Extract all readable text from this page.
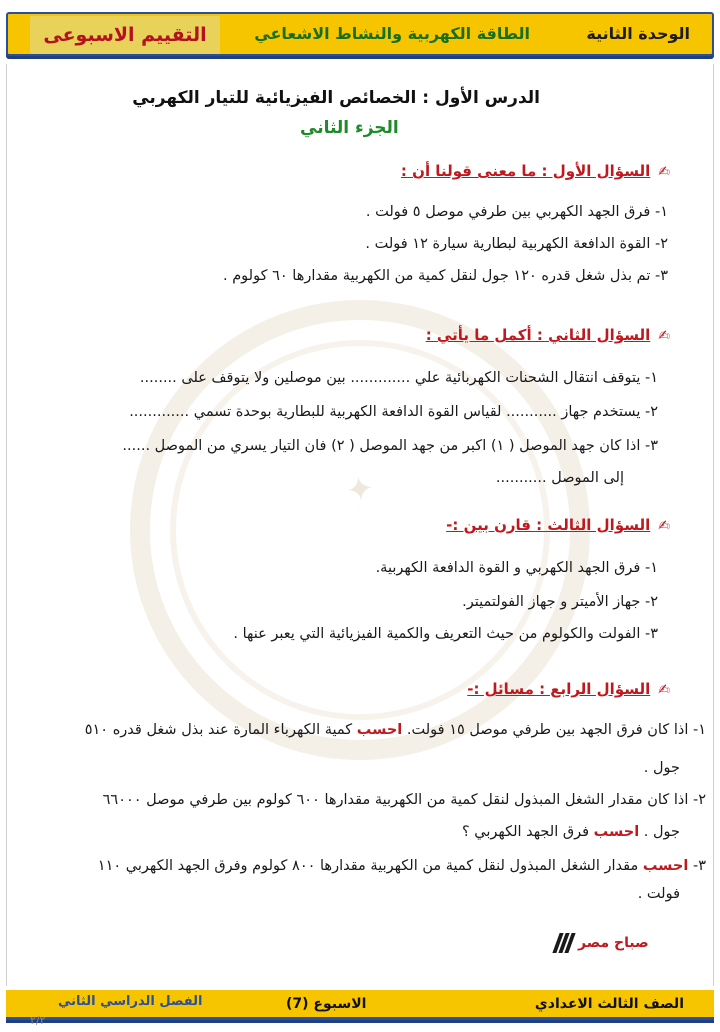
الوحدة الثانية
الطاقة الكهربية والنشاط الاشعاعي
التقييم الاسبوعى
✦
الدرس الأول : الخصائص الفيزيائية للتيار الكهربي
الجزء الثاني
✍السؤال الأول : ما معنى قولنا أن :
١- فرق الجهد الكهربي بين طرفي موصل ٥ فولت .
٢- القوة الدافعة الكهربية لبطارية سيارة ١٢ فولت .
٣- تم بذل شغل قدره ١٢٠ جول لنقل كمية من الكهربية مقدارها ٦٠ كولوم .
✍السؤال الثاني : أكمل ما يأتي :
١- يتوقف انتقال الشحنات الكهربائية علي ............. بين موصلين ولا يتوقف على ........
٢- يستخدم جهاز ........... لقياس القوة الدافعة الكهربية للبطارية بوحدة تسمي .............
٣- اذا كان جهد الموصل ( ١) اكبر من جهد الموصل ( ٢) فان التيار يسري من الموصل ......
إلى الموصل ...........
✍السؤال الثالث : قارن بين :-
١- فرق الجهد الكهربي و القوة الدافعة الكهربية.
٢- جهاز الأميتر و جهاز الفولتميتر.
٣- الفولت والكولوم من حيث التعريف والكمية الفيزيائية التي يعبر عنها .
✍السؤال الرابع : مسائل :-
١- اذا كان فرق الجهد بين طرفي موصل ١٥ فولت. احسب كمية الكهرباء المارة عند بذل شغل قدره ٥١٠
جول .
٢- اذا كان مقدار الشغل المبذول لنقل كمية من الكهربية مقدارها ٦٠٠ كولوم بين طرفي موصل ٦٦٠٠٠
جول . احسب فرق الجهد الكهربي ؟
٣- احسب مقدار الشغل المبذول لنقل كمية من الكهربية مقدارها ٨٠٠ كولوم وفرق الجهد الكهربي ١١٠
فولت .
صباح مصر
الصف الثالث الاعدادي
الاسبوع (7)
الفصل الدراسي الثاني
٢/٢
